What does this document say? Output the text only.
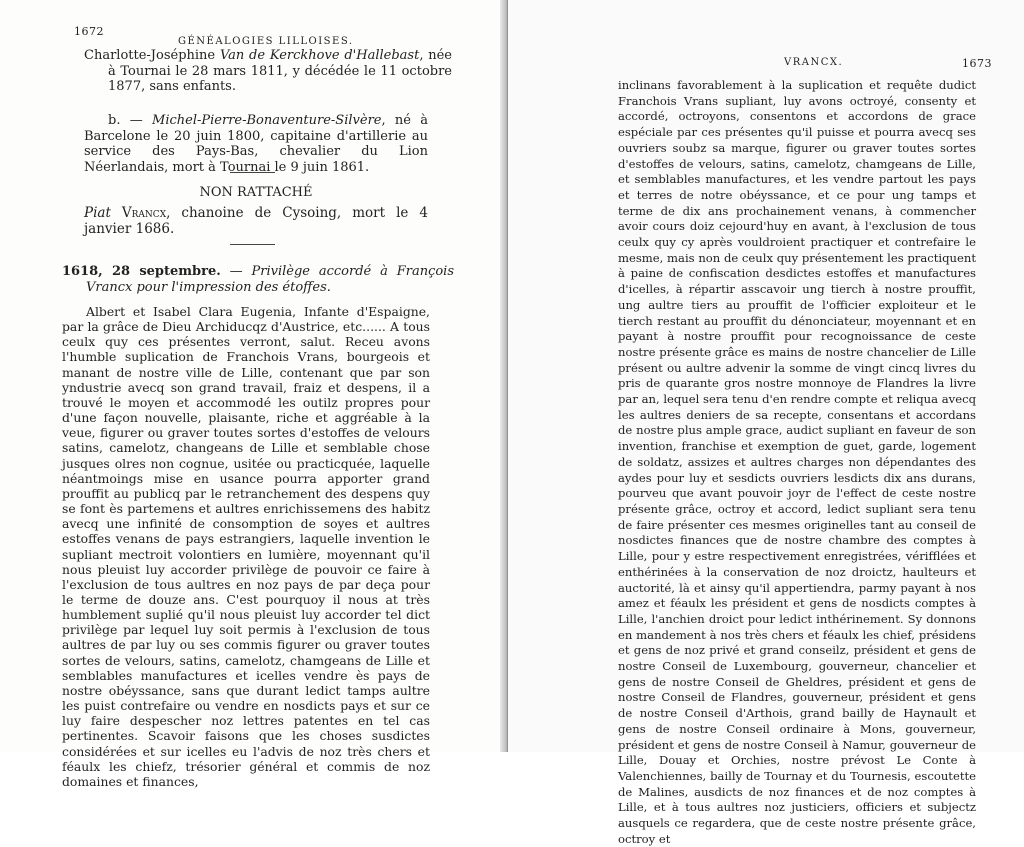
1672
GÉNÉALOGIES LILLOISES.

Charlotte-Joséphine Van de Kerckhove d'Hallebast, née à Tournai le 28 mars 1811, y décédée le 11 octobre 1877, sans enfants.

b. — Michel-Pierre-Bonaventure-Silvère, né à Barcelone le 20 juin 1800, capitaine d'artillerie au service des Pays-Bas, chevalier du Lion Néerlandais, mort à Tournai le 9 juin 1861.

NON RATTACHÉ

Piat Vrancx, chanoine de Cysoing, mort le 4 janvier 1686.

1618, 28 septembre. — Privilège accordé à François Vrancx pour l'impression des étoffes.

Albert et Isabel Clara Eugenia, Infante d'Espaigne, par la grâce de Dieu Archiducqz d'Austrice, etc...... A tous ceulx quy ces présentes verront, salut. Receu avons l'humble suplication de Franchois Vrans, bourgeois et manant de nostre ville de Lille, contenant que par son yndustrie avecq son grand travail, fraiz et despens, il a trouvé le moyen et accommodé les outilz propres pour d'une façon nouvelle, plaisante, riche et aggréable à la veue, figurer ou graver toutes sortes d'estoffes de velours satins, camelotz, changeans de Lille et semblable chose jusques olres non cognue, usitée ou practicquée, laquelle néantmoings mise en usance pourra apporter grand prouffit au publicq par le retranchement des despens quy se font ès partemens et aultres enrichissemens des habitz avecq une infinité de consomption de soyes et aultres estoffes venans de pays estrangiers, laquelle invention le supliant mectroit volontiers en lumière, moyennant qu'il nous pleuist luy accorder privilège de pouvoir ce faire à l'exclusion de tous aultres en noz pays de par deça pour le terme de douze ans. C'est pourquoy il nous at très humblement suplié qu'il nous pleuist luy accorder tel dict privilège par lequel luy soit permis à l'exclusion de tous aultres de par luy ou ses commis figurer ou graver toutes sortes de velours, satins, camelotz, chamgeans de Lille et semblables manufactures et icelles vendre ès pays de nostre obéyssance, sans que durant ledict tamps aultre les puist contrefaire ou vendre en nosdicts pays et sur ce luy faire despescher noz lettres patentes en tel cas pertinentes. Scavoir faisons que les choses susdictes considérées et sur icelles eu l'advis de noz très chers et féaulx les chiefz, trésorier général et commis de noz domaines et finances,

VRANCX.	1673

inclinans favorablement à la suplication et requête dudict Franchois Vrans supliant, luy avons octroyé, consenty et accordé, octroyons, consentons et accordons de grace espéciale par ces présentes qu'il puisse et pourra avecq ses ouvriers soubz sa marque, figurer ou graver toutes sortes d'estoffes de velours, satins, camelotz, chamgeans de Lille, et semblables manufactures, et les vendre partout les pays et terres de notre obéyssance, et ce pour ung tamps et terme de dix ans prochainement venans, à commencher avoir cours doiz cejourd'huy en avant, à l'exclusion de tous ceulx quy cy après vouldroient practiquer et contrefaire le mesme, mais non de ceulx quy présentement les practiquent à paine de confiscation desdictes estoffes et manufactures d'icelles, à répartir asscavoir ung tierch à nostre prouffit, ung aultre tiers au prouffit de l'officier exploiteur et le tierch restant au prouffit du dénonciateur, moyennant et en payant à nostre prouffit pour recognoissance de ceste nostre présente grâce es mains de nostre chancelier de Lille présent ou aultre advenir la somme de vingt cincq livres du pris de quarante gros nostre monnoye de Flandres la livre par an, lequel sera tenu d'en rendre compte et reliqua avecq les aultres deniers de sa recepte, consentans et accordans de nostre plus ample grace, audict supliant en faveur de son invention, franchise et exemption de guet, garde, logement de soldatz, assizes et aultres charges non dépendantes des aydes pour luy et sesdicts ouvriers lesdicts dix ans durans, pourveu que avant pouvoir joyr de l'effect de ceste nostre présente grâce, octroy et accord, ledict supliant sera tenu de faire présenter ces mesmes originelles tant au conseil de nosdictes finances que de nostre chambre des comptes à Lille, pour y estre respectivement enregistrées, vérifflées et enthérinées à la conservation de noz droictz, haulteurs et auctorité, là et ainsy qu'il appertiendra, parmy payant à nos amez et féaulx les président et gens de nosdicts comptes à Lille, l'anchien droict pour ledict inthérinement. Sy donnons en mandement à nos très chers et féaulx les chief, présidens et gens de noz privé et grand conseilz, président et gens de nostre Conseil de Luxembourg, gouverneur, chancelier et gens de nostre Conseil de Gheldres, président et gens de nostre Conseil de Flandres, gouverneur, président et gens de nostre Conseil d'Arthois, grand bailly de Haynault et gens de nostre Conseil ordinaire à Mons, gouverneur, président et gens de nostre Conseil à Namur, gouverneur de Lille, Douay et Orchies, nostre prévost Le Conte à Valenchiennes, bailly de Tournay et du Tournesis, escoutette de Malines, ausdicts de noz finances et de noz comptes à Lille, et à tous aultres noz justiciers, officiers et subjectz ausquels ce regardera, que de ceste nostre présente grâce, octroy et
